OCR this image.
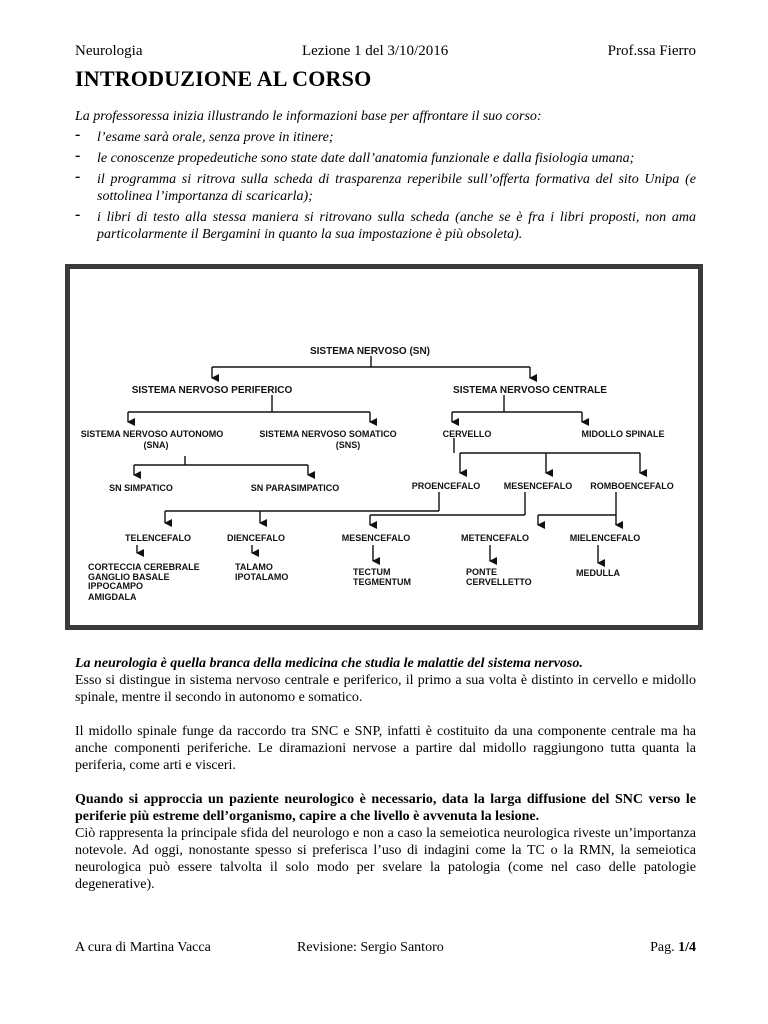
Neurologia	Lezione 1 del 3/10/2016	Prof.ssa Fierro
INTRODUZIONE AL CORSO
La professoressa inizia illustrando le informazioni base per affrontare il suo corso:
- l’esame sarà orale, senza prove in itinere;
- le conoscenze propedeutiche sono state date dall’anatomia funzionale e dalla fisiologia umana;
- il programma si ritrova sulla scheda di trasparenza reperibile sull’offerta formativa del sito Unipa (e sottolinea l’importanza di scaricarla);
- i libri di testo alla stessa maniera si ritrovano sulla scheda (anche se è fra i libri proposti, non ama particolarmente il Bergamini in quanto la sua impostazione è più obsoleta).
SISTEMA NERVOSO (SN)
SISTEMA NERVOSO PERIFERICO	SISTEMA NERVOSO CENTRALE
SISTEMA NERVOSO AUTONOMO
(SNA)
SISTEMA NERVOSO SOMATICO
(SNS)
CERVELLO	MIDOLLO SPINALE
SN SIMPATICO	SN PARASIMPATICO	PROENCEFALO	MESENCEFALO ROMBOENCEFALO
TELENCEFALO	DIENCEFALO	MESENCEFALO	METENCEFALO	MIELENCEFALO
CORTECCIA CEREBRALE
GANGLIO BASALE
IPPOCAMPO
AMIGDALA
TALAMO
IPOTALAMO	TECTUM
TEGMENTUM
PONTE
CERVELLETTO
MEDULLA
La neurologia è quella branca della medicina che studia le malattie del sistema nervoso.
Esso si distingue in sistema nervoso centrale e periferico, il primo a sua volta è distinto in cervello e midollo spinale, mentre il secondo in autonomo e somatico.
Il midollo spinale funge da raccordo tra SNC e SNP, infatti è costituito da una componente centrale ma ha anche componenti periferiche. Le diramazioni nervose a partire dal midollo raggiungono tutta quanta la periferia, come arti e visceri.
Quando si approccia un paziente neurologico è necessario, data la larga diffusione del SNC verso le periferie più estreme dell’organismo, capire a che livello è avvenuta la lesione.
Ciò rappresenta la principale sfida del neurologo e non a caso la semeiotica neurologica riveste un’importanza notevole. Ad oggi, nonostante spesso si preferisca l’uso di indagini come la TC o la RMN, la semeiotica neurologica può essere talvolta il solo modo per svelare la patologia (come nel caso delle patologie degenerative).
A cura di Martina Vacca	Revisione: Sergio Santoro	Pag. 1/4
